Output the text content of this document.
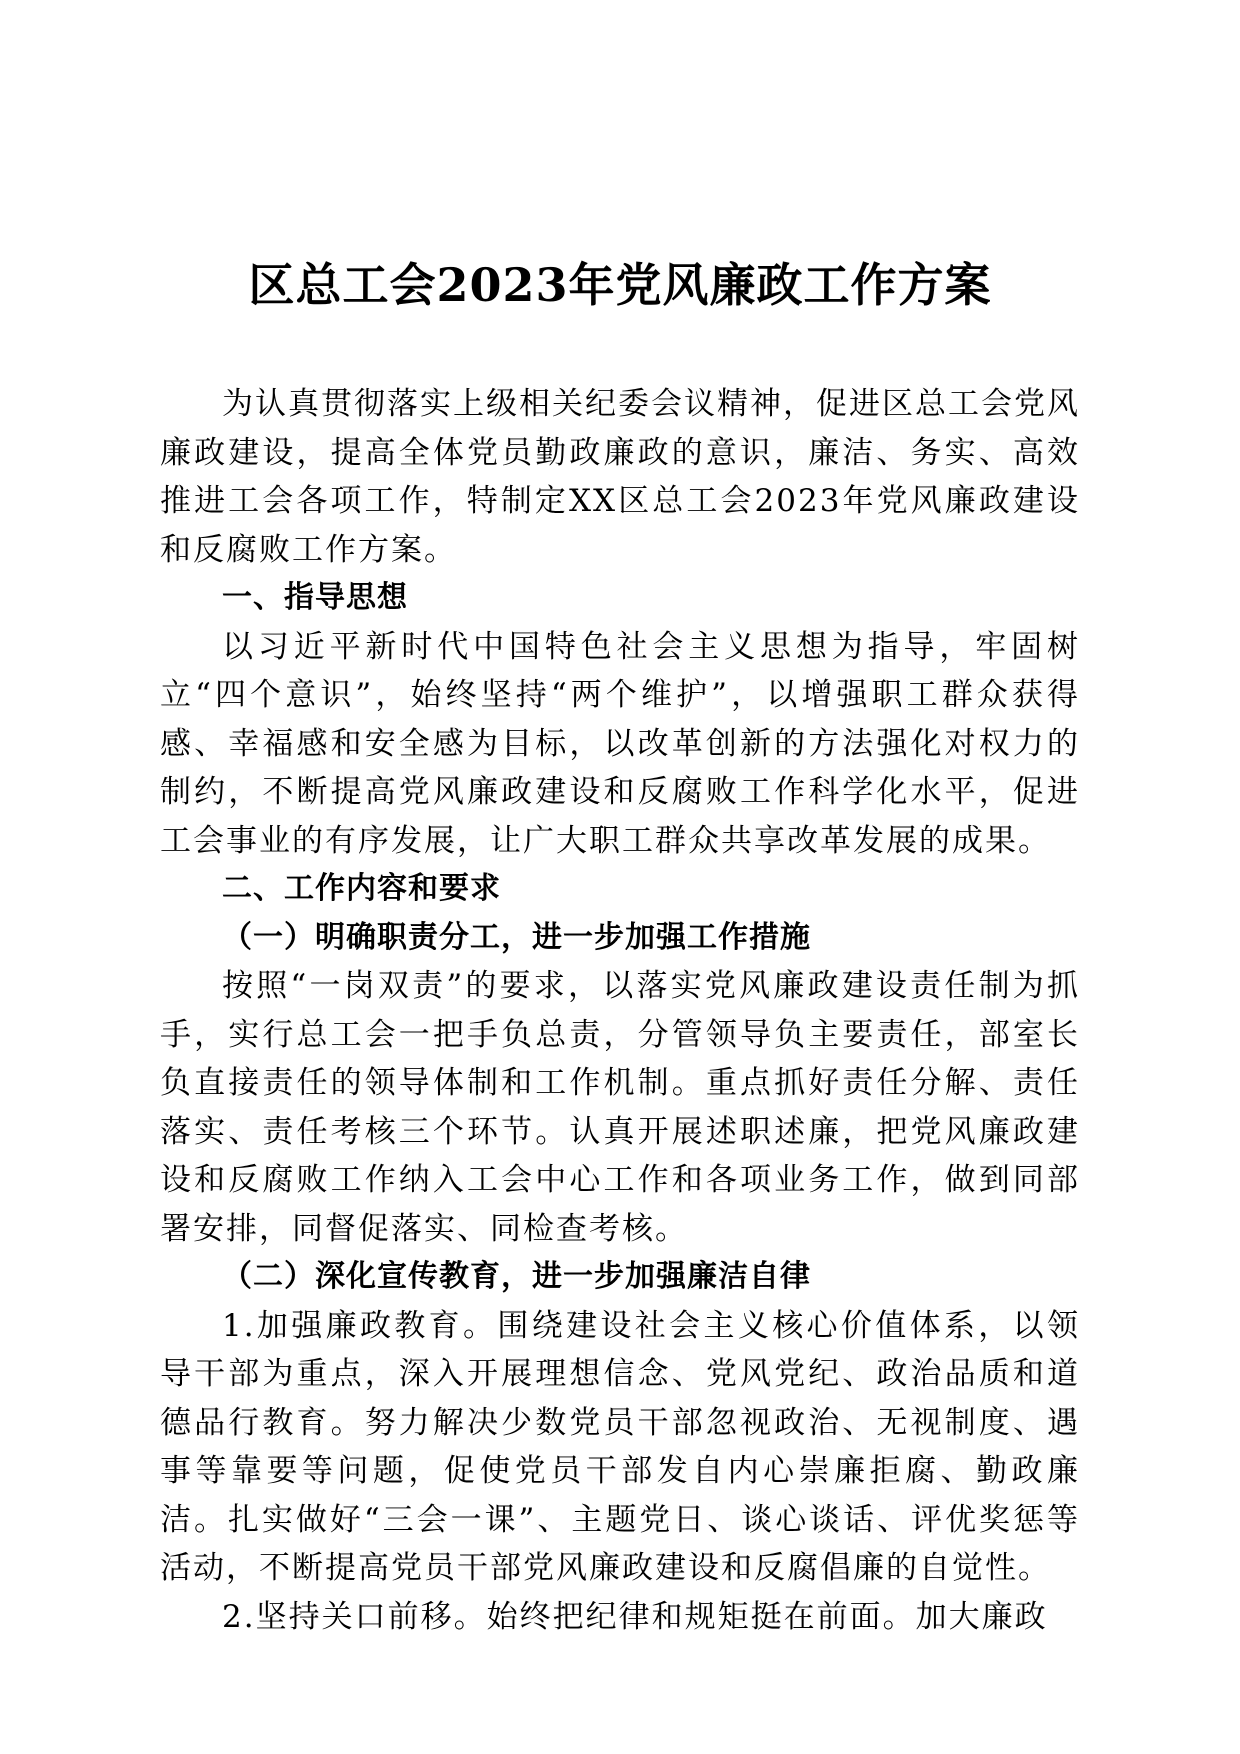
区总工会2023年党风廉政工作方案

为认真贯彻落实上级相关纪委会议精神，促进区总工会党风廉政建设，提高全体党员勤政廉政的意识，廉洁、务实、高效推进工会各项工作，特制定XX区总工会2023年党风廉政建设和反腐败工作方案。

一、指导思想

以习近平新时代中国特色社会主义思想为指导，牢固树立“四个意识”，始终坚持“两个维护”，以增强职工群众获得感、幸福感和安全感为目标，以改革创新的方法强化对权力的制约，不断提高党风廉政建设和反腐败工作科学化水平，促进工会事业的有序发展，让广大职工群众共享改革发展的成果。

二、工作内容和要求

（一）明确职责分工，进一步加强工作措施

按照“一岗双责”的要求，以落实党风廉政建设责任制为抓手，实行总工会一把手负总责，分管领导负主要责任，部室长负直接责任的领导体制和工作机制。重点抓好责任分解、责任落实、责任考核三个环节。认真开展述职述廉，把党风廉政建设和反腐败工作纳入工会中心工作和各项业务工作，做到同部署安排，同督促落实、同检查考核。

（二）深化宣传教育，进一步加强廉洁自律

1.加强廉政教育。围绕建设社会主义核心价值体系，以领导干部为重点，深入开展理想信念、党风党纪、政治品质和道德品行教育。努力解决少数党员干部忽视政治、无视制度、遇事等靠要等问题，促使党员干部发自内心崇廉拒腐、勤政廉洁。扎实做好“三会一课”、主题党日、谈心谈话、评优奖惩等活动，不断提高党员干部党风廉政建设和反腐倡廉的自觉性。

2.坚持关口前移。始终把纪律和规矩挺在前面。加大廉政
